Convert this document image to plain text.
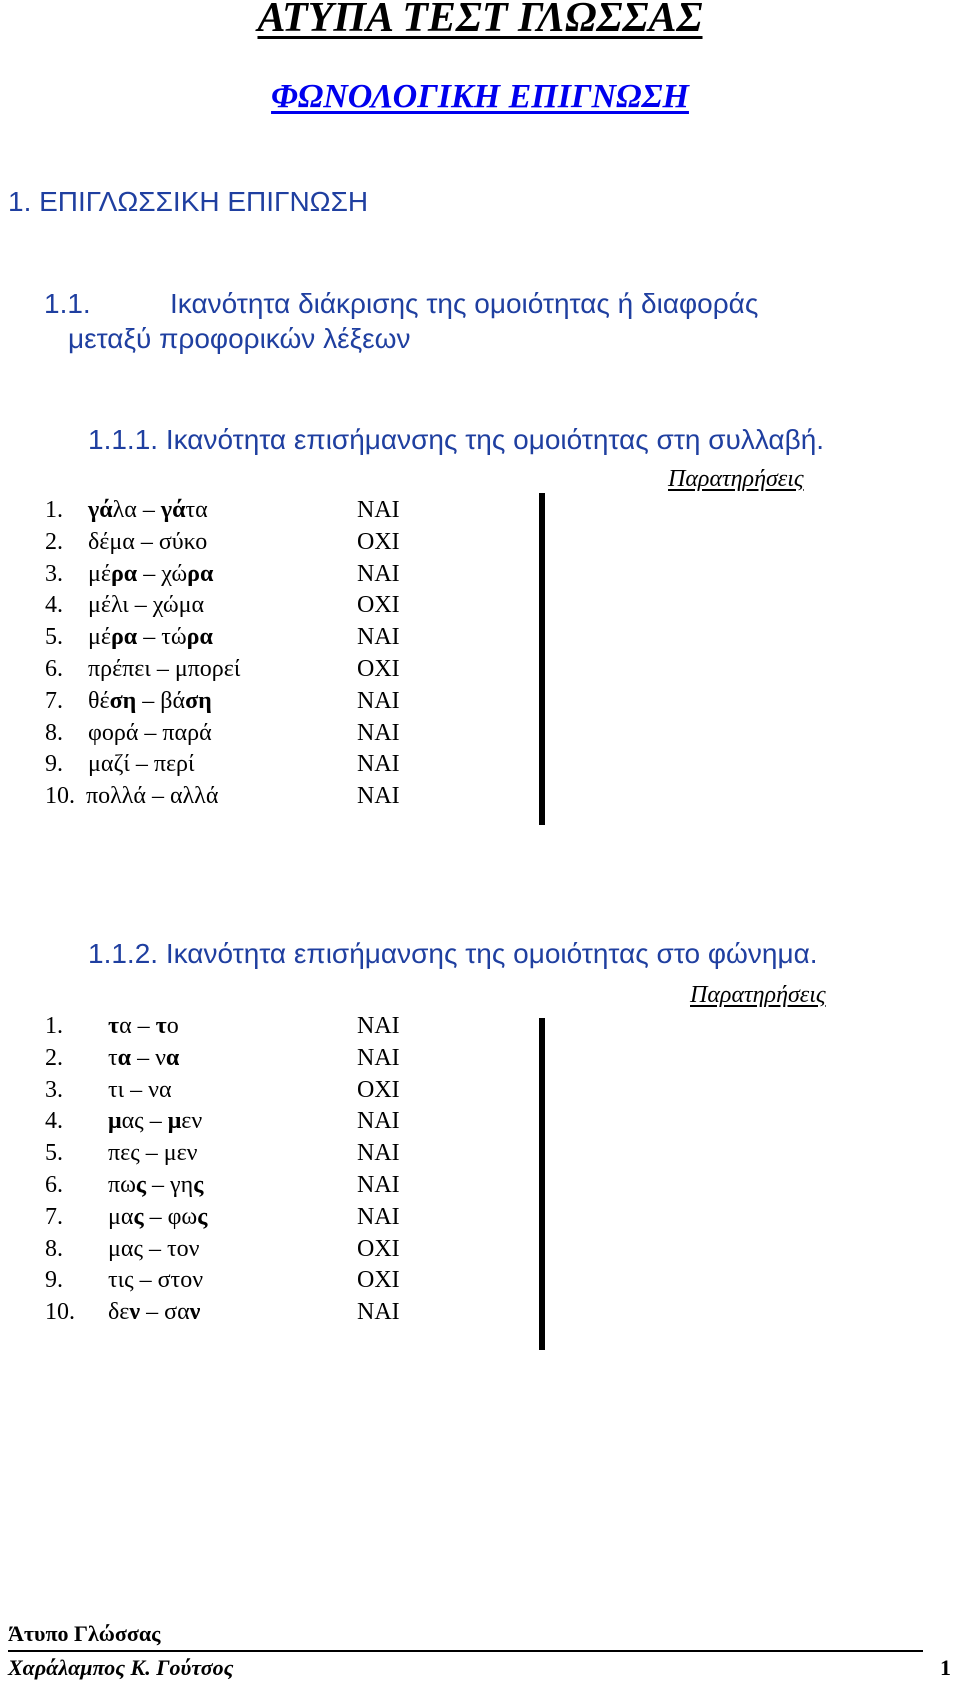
ΑΤΥΠΑ ΤΕΣΤ ΓΛΩΣΣΑΣ
ΦΩΝΟΛΟΓΙΚΗ ΕΠΙΓΝΩΣΗ
1. ΕΠΙΓΛΩΣΣΙΚΗ ΕΠΙΓΝΩΣΗ
1.1.	Ικανότητα διάκρισης της ομοιότητας ή διαφοράς
μεταξύ προφορικών λέξεων
1.1.1. Ικανότητα επισήμανσης της ομοιότητας στη συλλαβή.
Παρατηρήσεις
1. γάλα – γάτα	ΝΑΙ
2. δέμα – σύκο	ΟΧΙ
3. μέρα – χώρα	ΝΑΙ
4. μέλι – χώμα	ΟΧΙ
5. μέρα – τώρα	ΝΑΙ
6. πρέπει – μπορεί	ΟΧΙ
7. θέση – βάση	ΝΑΙ
8. φορά – παρά	ΝΑΙ
9. μαζί – περί	ΝΑΙ
10. πολλά – αλλά	ΝΑΙ
1.1.2. Ικανότητα επισήμανσης της ομοιότητας στο φώνημα.
Παρατηρήσεις
1. τα – το	ΝΑΙ
2. τα – να	ΝΑΙ
3. τι – να	ΟΧΙ
4. μας – μεν	ΝΑΙ
5. πες – μεν	ΝΑΙ
6. πως – γης	ΝΑΙ
7. μας – φως	ΝΑΙ
8. μας – τον	ΟΧΙ
9. τις – στον	ΟΧΙ
10. δεν – σαν	ΝΑΙ
Άτυπο Γλώσσας
Χαράλαμπος Κ. Γούτσος	1
